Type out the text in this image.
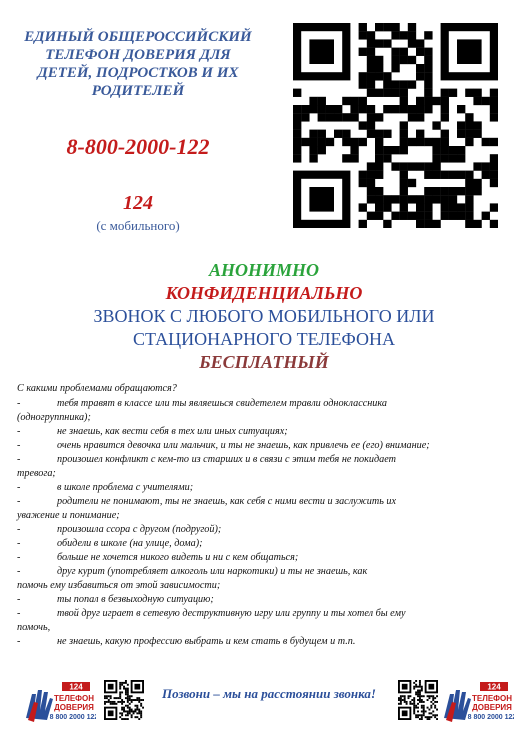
ЕДИНЫЙ ОБЩЕРОССИЙСКИЙ
ТЕЛЕФОН ДОВЕРИЯ ДЛЯ
ДЕТЕЙ, ПОДРОСТКОВ И ИХ
РОДИТЕЛЕЙ
8-800-2000-122
124
(с мобильного)
АНОНИМНО
КОНФИДЕНЦИАЛЬНО
ЗВОНОК С ЛЮБОГО МОБИЛЬНОГО ИЛИ
СТАЦИОНАРНОГО ТЕЛЕФОНА
БЕСПЛАТНЫЙ
С какими проблемами обращаются?
-	тебя травят в классе или ты являешься свидетелем травли одноклассника
(одногруппника);
-	не знаешь, как вести себя в тех или иных ситуациях;
-	очень нравится девочка или мальчик, и ты не знаешь, как привлечь ее (его) внимание;
-	произошел конфликт с кем-то из старших и в связи с этим тебя не покидает
тревога;
-	в школе проблема с учителями;
-	родители не понимают, ты не знаешь, как себя с ними вести и заслужить их
уважение и понимание;
-	произошла ссора с другом (подругой);
-	обидели в школе (на улице, дома);
-	больше не хочется никого видеть и ни с кем общаться;
-	друг курит (употребляет алкоголь или наркотики) и ты не знаешь, как
помочь ему избавиться от этой зависимости;
-	ты попал в безвыходную ситуацию;
-	твой друг играет в сетевую деструктивную игру или группу и ты хотел бы ему
помочь,
-	не знаешь, какую профессию выбрать и кем стать в будущем и т.п.
124
ТЕЛЕФОН
ДОВЕРИЯ
8 800 2000 122
Позвони – мы на расстоянии звонка!	124
ТЕЛЕФОН
ДОВЕРИЯ
8 800 2000 122
